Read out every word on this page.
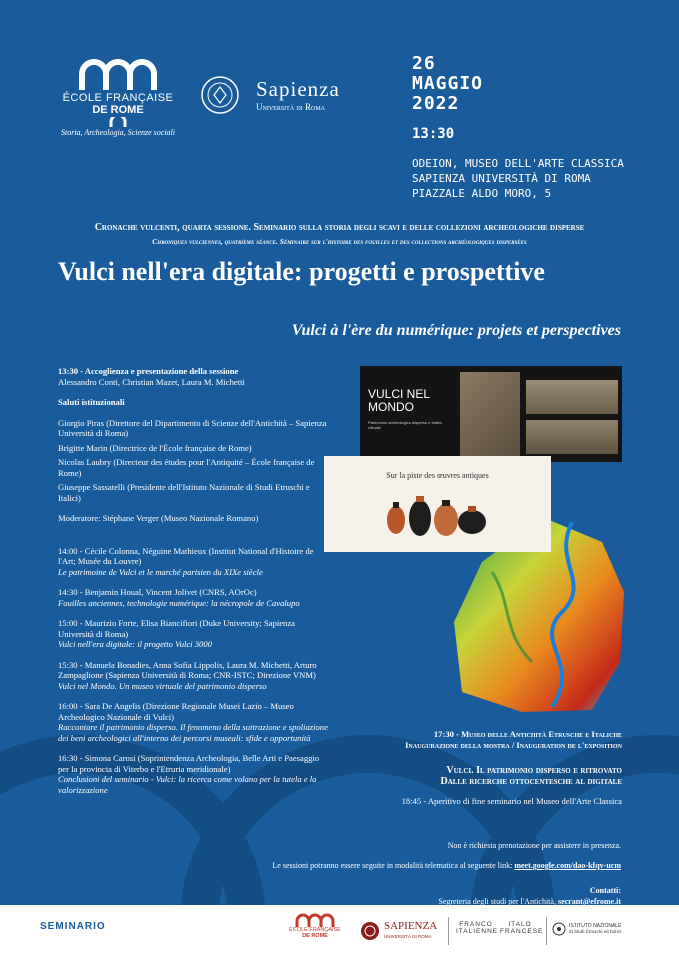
ÉCOLE FRANÇAISE
DE ROME
Storia, Archeologia, Scienze sociali
Sapienza
Università di Roma
26
MAGGIO
2022
13:30
ODEION, MUSEO DELL'ARTE CLASSICA
SAPIENZA UNIVERSITÀ DI ROMA
PIAZZALE ALDO MORO, 5
Cronache vulcenti, quarta sessione. Seminario sulla storia degli scavi e delle collezioni archeologiche disperse
Chroniques vulciennes, quatrième séance. Séminaire sur l'histoire des fouilles et des collections archéologiques dispersées
Vulci nell'era digitale: progetti e prospettive
Vulci à l'ère du numérique: projets et perspectives

13:30 - Accoglienza e presentazione della sessione
Alessandro Conti, Christian Mazet, Laura M. Michetti

Saluti istituzionali

Giorgio Piras (Direttore del Dipartimento di Scienze dell'Antichità – Sapienza Università di Roma)

Brigitte Marin (Directrice de l'École française de Rome)

Nicolas Laubry (Directeur des études pour l'Antiquité – École française de Rome)

Giuseppe Sassatelli (Presidente dell'Istituto Nazionale di Studi Etruschi e Italici)

Moderatore: Stéphane Verger (Museo Nazionale Romano)

14:00 - Cécile Colonna, Néguine Mathieux (Institut National d'Histoire de l'Art; Musée du Louvre)
Le patrimoine de Vulci et le marché parisien du XIXe siècle

14:30 - Benjamin Houal, Vincent Jolivet (CNRS, AOrOc)
Fouilles anciennes, technologie numérique: la nécropole de Cavalupo

15:00 - Maurizio Forte, Elisa Biancifiori (Duke University; Sapienza Università di Roma)
Vulci nell'era digitale: il progetto Vulci 3000

15:30 - Manuela Bonadies, Anna Sofia Lippolis, Laura M. Michetti, Arturo Zampaglione (Sapienza Università di Roma; CNR-ISTC; Direzione VNM)
Vulci nel Mondo. Un museo virtuale del patrimonio disperso

16:00 - Sara De Angelis (Direzione Regionale Musei Lazio – Museo Archeologico Nazionale di Vulci)
Raccontare il patrimonio disperso. Il fenomeno della sottrazione e spoliazione dei beni archeologici all'interno dei percorsi museali: sfide e opportunità

16:30 - Simona Carosi (Soprintendenza Archeologia, Belle Arti e Paesaggio per la provincia di Viterbo e l'Etruria meridionale)
Conclusioni del seminario - Vulci: la ricerca come volano per la tutela e la valorizzazione

VULCI NEL MONDO
Patrimonio archeologico disperso e realtà virtuale
Sur la piste des œuvres antiques

17:30 - Museo delle Antichità Etrusche e Italiche
Inaugurazione della mostra / Inauguration de l'exposition

Vulci. Il patrimonio disperso e ritrovato
Dalle ricerche ottocentesche al digitale

18:45 - Aperitivo di fine seminario nel Museo dell'Arte Classica

Non è richiesta prenotazione per assistere in presenza.

Le sessioni potranno essere seguite in modalità telematica al seguente link: meet.google.com/dao-kfqv-ucm

Contatti:
Segreteria degli studi per l'Antichità, secrant@efrome.it

SEMINARIO	ÉCOLE FRANÇAISE
DE ROME
SAPIENZA
UNIVERSITÀ DI ROMA
FRANCO
ITALIENNE
ITALO
FRANCESE
ISTITUTO NAZIONALE
di Studi Etruschi ed Italici
